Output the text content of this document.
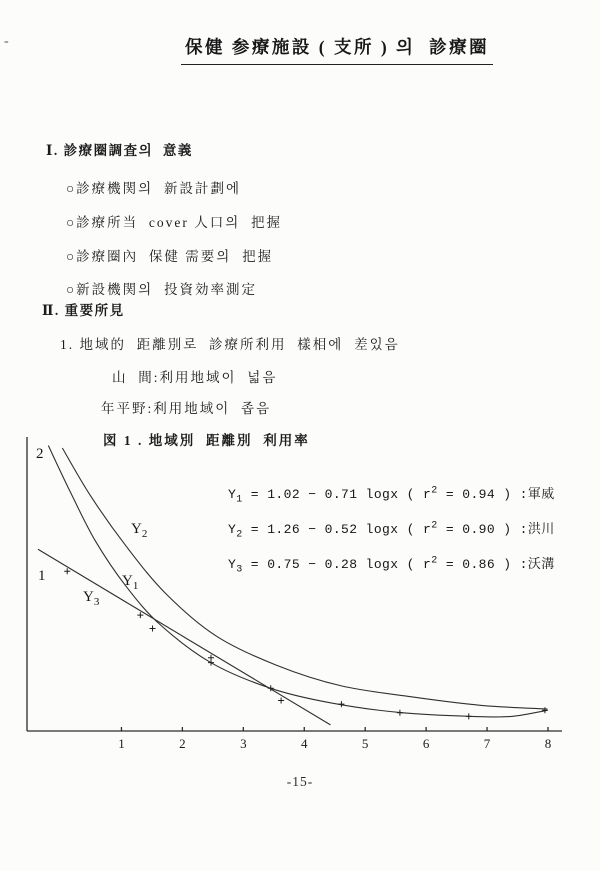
-	保健 参療施設 ( 支所 ) 의  診療圈
Ⅰ. 診療圈調査의  意義
○診療機関의  新設計劃에
○診療所当  cover 人口의  把握
○診療圈內  保健 需要의  把握
○新設機関의  投資効率測定
Ⅱ. 重要所見
1. 地域的  距離別로  診療所利用  樣相에  差있음
山  間:利用地域이  넓음
年平野:利用地域이  좁음
図 1 . 地域別  距離別  利用率
$Y_1 = 1.02 - 0.71$ logx ( $r^2 = 0.94$ ) :軍威
$Y_2 = 1.26 - 0.52$ logx ( $r^2 = 0.90$ ) :洪川
$Y_3 = 0.75 - 0.28$ logx ( $r^2 = 0.86$ ) :沃溝
1	2	3	4	5	6	7	8
2
1
$Y_2$
$Y_1$
$Y_3$
-15-
